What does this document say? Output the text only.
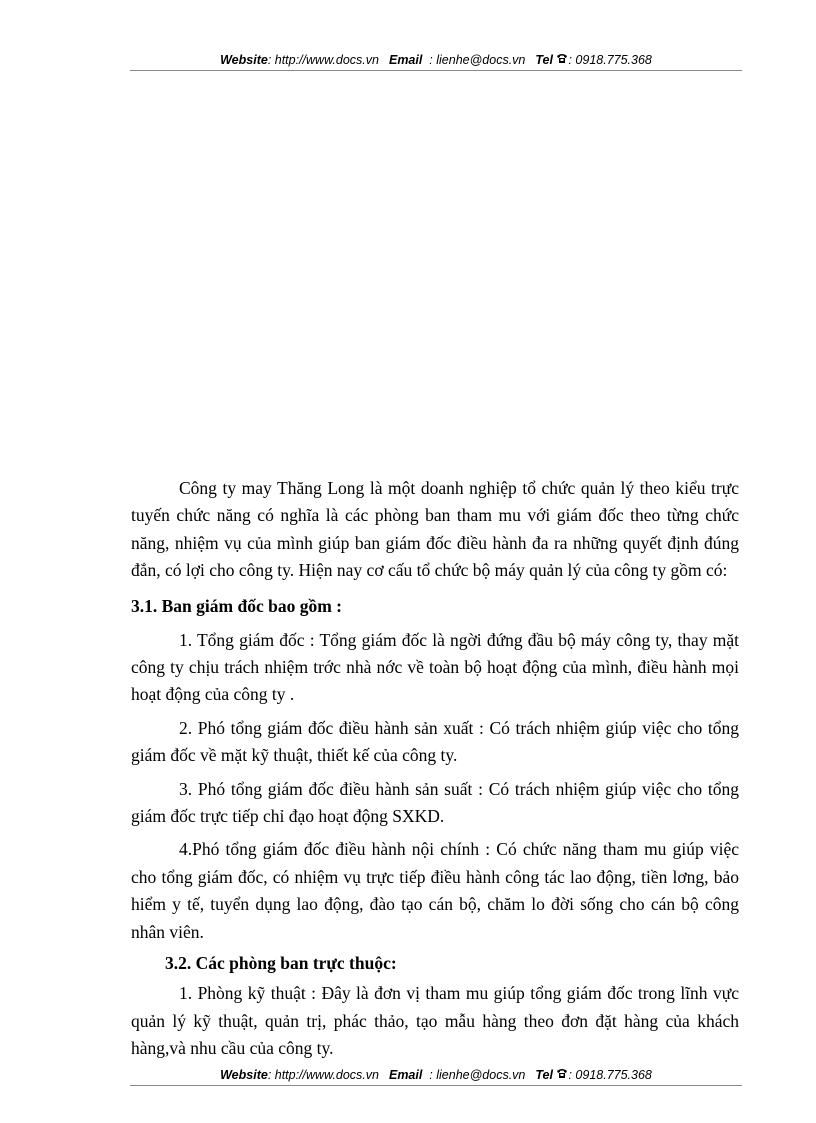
Website: http://www.docs.vn Email : lienhe@docs.vn Tel : 0918.775.368

Công ty may Thăng Long là một doanh nghiệp tổ chức quản lý theo kiểu trực tuyến chức năng có nghĩa là các phòng ban tham mu với giám đốc theo từng chức năng, nhiệm vụ của mình giúp ban giám đốc điều hành đa ra những quyết định đúng đắn, có lợi cho công ty. Hiện nay cơ cấu tổ chức bộ máy quản lý của công ty gồm có:

3.1. Ban giám đốc bao gồm :

1. Tổng giám đốc : Tổng giám đốc là ngời đứng đầu bộ máy công ty, thay mặt công ty chịu trách nhiệm trớc nhà nớc về toàn bộ hoạt động của mình, điều hành mọi hoạt động của công ty .

2. Phó tổng giám đốc điều hành sản xuất : Có trách nhiệm giúp việc cho tổng giám đốc về mặt kỹ thuật, thiết kế của công ty.

3. Phó tổng giám đốc điều hành sản suất : Có trách nhiệm giúp việc cho tổng giám đốc trực tiếp chỉ đạo hoạt động SXKD.

4.Phó tổng giám đốc điều hành nội chính : Có chức năng tham mu giúp việc cho tổng giám đốc, có nhiệm vụ trực tiếp điều hành công tác lao động, tiền lơng, bảo hiểm y tế, tuyển dụng lao động, đào tạo cán bộ, chăm lo đời sống cho cán bộ công nhân viên.

3.2. Các phòng ban trực thuộc:

1. Phòng kỹ thuật : Đây là đơn vị tham mu giúp tổng giám đốc trong lĩnh vực quản lý kỹ thuật, quản trị, phác thảo, tạo mẫu hàng theo đơn đặt hàng của khách hàng,và nhu cầu của công ty.

Website: http://www.docs.vn Email : lienhe@docs.vn Tel : 0918.775.368
